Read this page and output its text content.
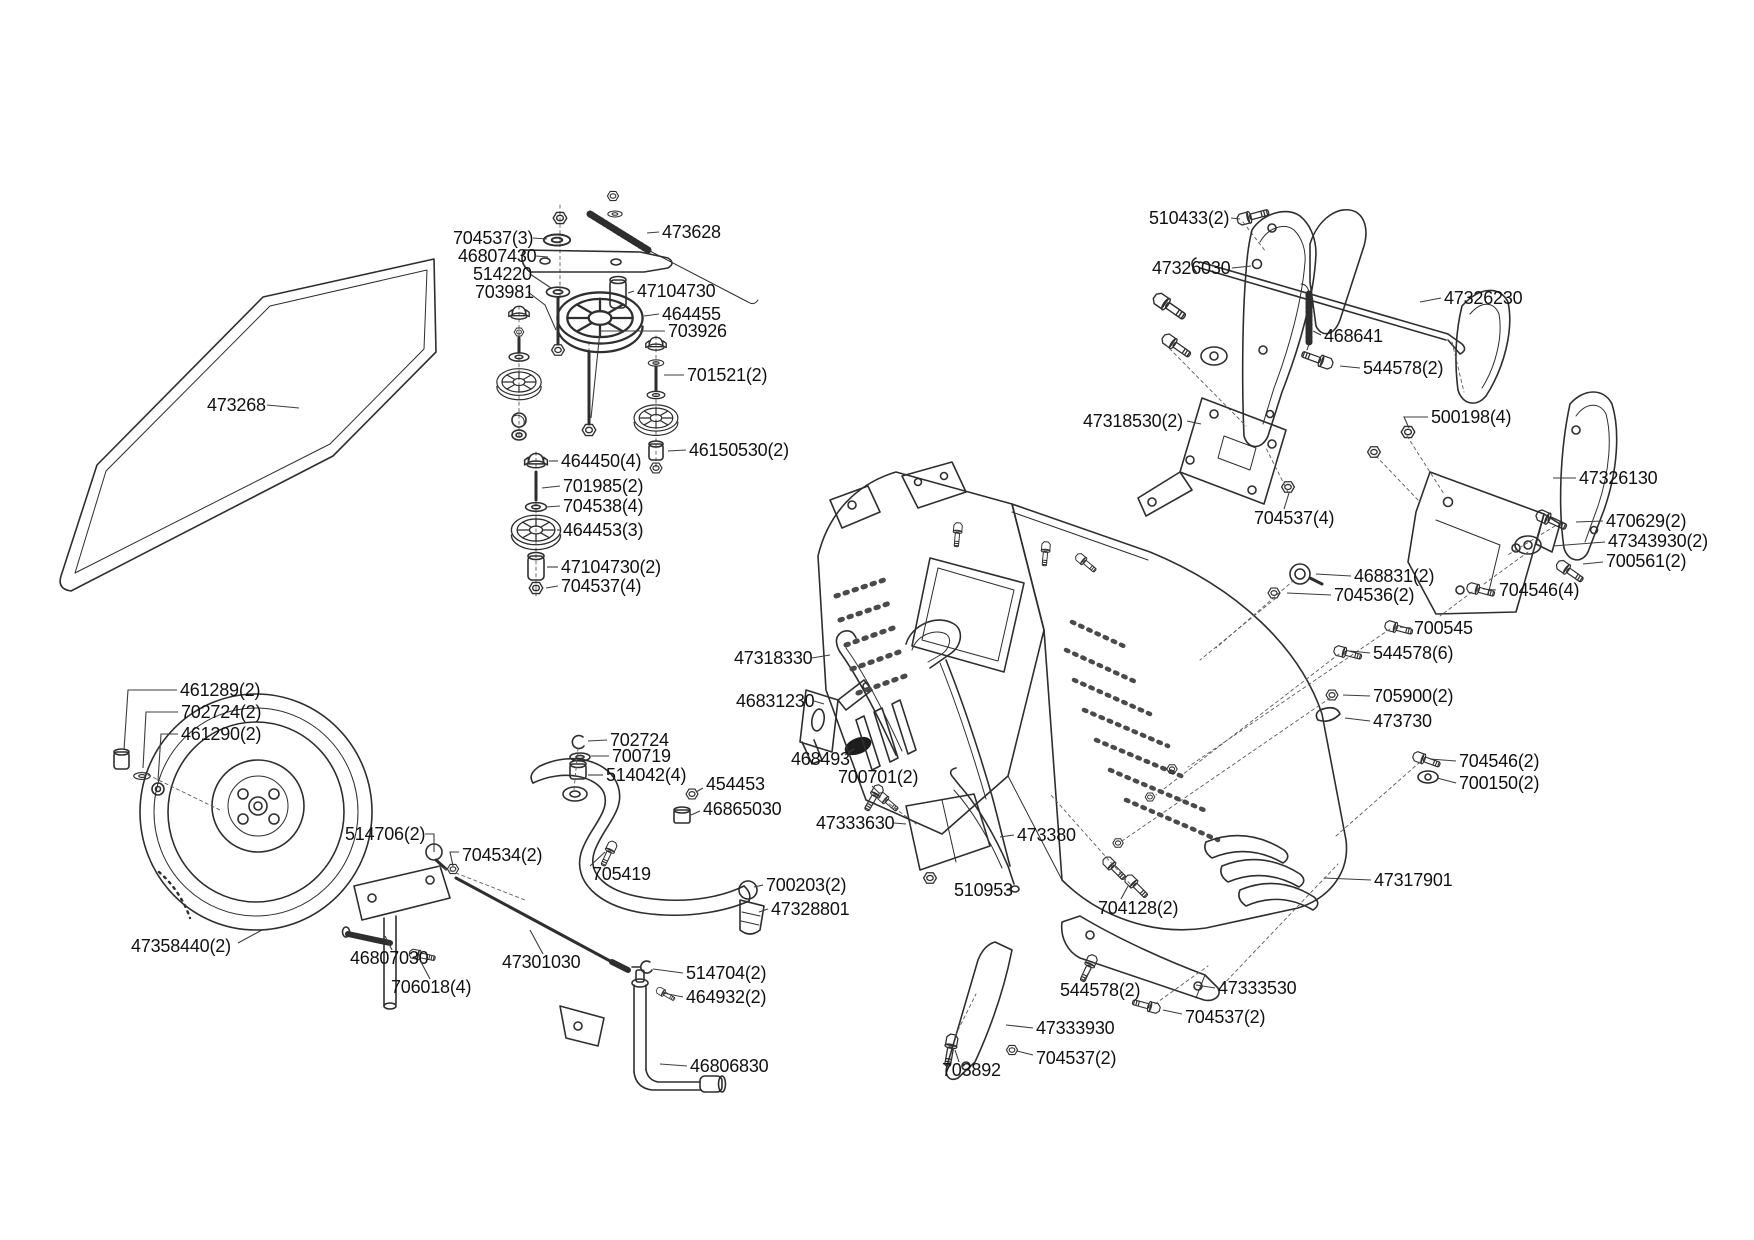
473268
704537(3)
46807430
514220
703981
473628
47104730
464455
703926
701521(2)
46150530(2)
464450(4)
701985(2)
704538(4)
464453(3)
47104730(2)
704537(4)
461289(2)
702724(2)
461290(2)
47358440(2)
514706(2)
704534(2)
46807030
706018(4)
47301030
702724
700719
514042(4) 454453
46865030
705419
700203(2)
47328801
514704(2)
464932(2)
46806830
47318330
46831230
468493
700701(2)
47333630
473380
510953
704128(2)
47317901
704546(2)
700150(2)
544578(2)	47333530
704537(2)
47333930
703892
704537(2)
510433(2)
47326030
47326230
468641
544578(2)
47318530(2)	500198(4)
47326130
704537(4)	470629(2)
47343930(2)
700561(2)
468831(2)
704536(2)	704546(4)
700545
544578(6)
705900(2)
473730
